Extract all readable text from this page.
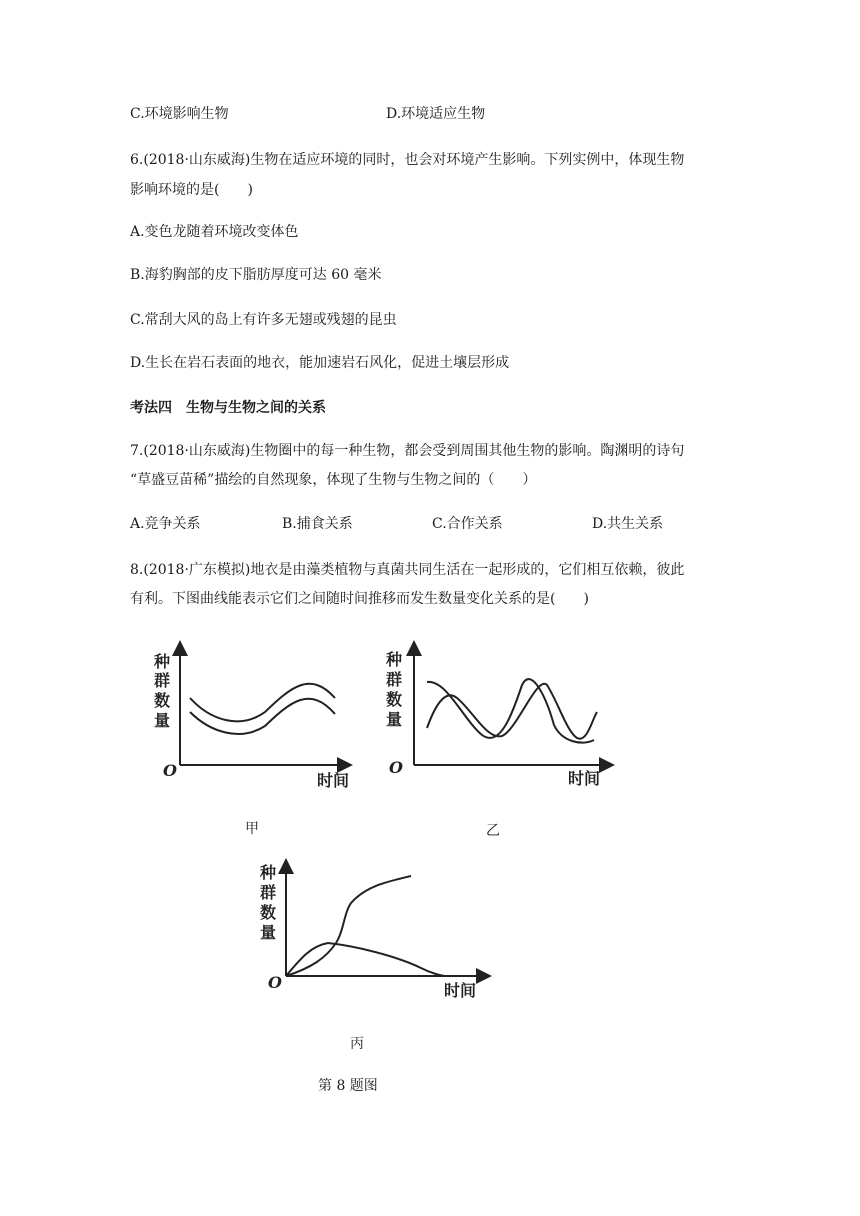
C.环境影响生物	D.环境适应生物
6.(2018·山东威海)生物在适应环境的同时，也会对环境产生影响。下列实例中，体现生物
影响环境的是(　　)
A.变色龙随着环境改变体色
B.海豹胸部的皮下脂肪厚度可达 60 毫米
C.常刮大风的岛上有许多无翅或残翅的昆虫
D.生长在岩石表面的地衣，能加速岩石风化，促进土壤层形成
考法四　生物与生物之间的关系
7.(2018·山东威海)生物圈中的每一种生物，都会受到周围其他生物的影响。陶渊明的诗句
“草盛豆苗稀”描绘的自然现象，体现了生物与生物之间的（　　）
A.竞争关系	B.捕食关系	C.合作关系	D.共生关系
8.(2018·广东模拟)地衣是由藻类植物与真菌共同生活在一起形成的，它们相互依赖，彼此
有利。下图曲线能表示它们之间随时间推移而发生数量变化关系的是(　　)
种
群
数
量
O
时间
甲
种
群
数
量
O
时间
乙
种
群
数
量
O	时间
丙
第 8 题图
